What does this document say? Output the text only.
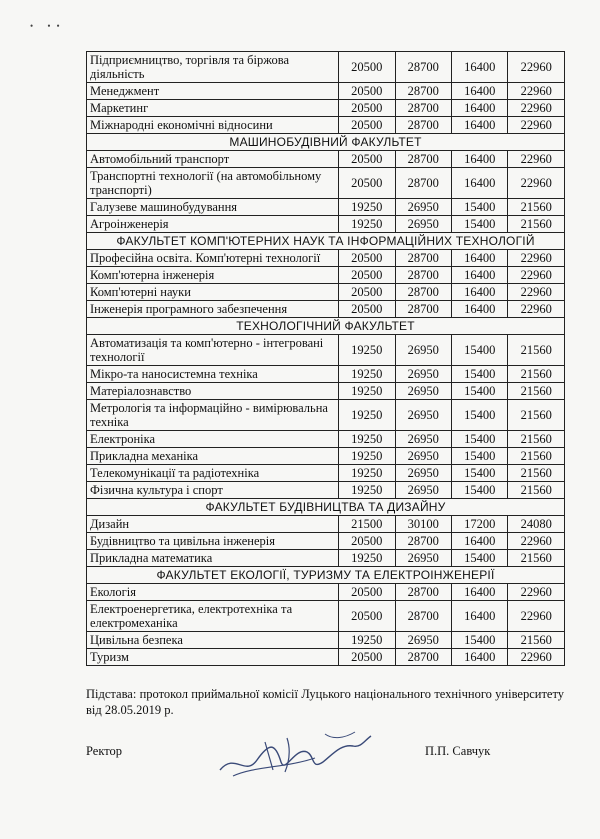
• ••
Підприємництво, торгівля та біржова діяльність	20500	28700	16400	22960
Менеджмент	20500	28700	16400	22960
Маркетинг	20500	28700	16400	22960
Міжнародні економічні відносини	20500	28700	16400	22960
МАШИНОБУДІВНИЙ ФАКУЛЬТЕТ				
Автомобільний транспорт	20500	28700	16400	22960
Транспортні технології (на автомобільному транспорті)	20500	28700	16400	22960
Галузеве машинобудування	19250	26950	15400	21560
Агроінженерія	19250	26950	15400	21560
ФАКУЛЬТЕТ КОМП'ЮТЕРНИХ НАУК ТА ІНФОРМАЦІЙНИХ ТЕХНОЛОГІЙ				
Професійна освіта. Комп'ютерні технології	20500	28700	16400	22960
Комп'ютерна інженерія	20500	28700	16400	22960
Комп'ютерні науки	20500	28700	16400	22960
Інженерія програмного забезпечення	20500	28700	16400	22960
ТЕХНОЛОГІЧНИЙ ФАКУЛЬТЕТ				
Автоматизація та комп'ютерно - інтегровані технології	19250	26950	15400	21560
Мікро-та наносистемна техніка	19250	26950	15400	21560
Матеріалознавство	19250	26950	15400	21560
Метрологія та інформаційно - вимірювальна техніка	19250	26950	15400	21560
Електроніка	19250	26950	15400	21560
Прикладна механіка	19250	26950	15400	21560
Телекомунікації та радіотехніка	19250	26950	15400	21560
Фізична культура і спорт	19250	26950	15400	21560
ФАКУЛЬТЕТ БУДІВНИЦТВА ТА ДИЗАЙНУ				
Дизайн	21500	30100	17200	24080
Будівництво та цивільна інженерія	20500	28700	16400	22960
Прикладна математика	19250	26950	15400	21560
ФАКУЛЬТЕТ ЕКОЛОГІЇ, ТУРИЗМУ ТА ЕЛЕКТРОІНЖЕНЕРІЇ				
Екологія	20500	28700	16400	22960
Електроенергетика, електротехніка та електромеханіка	20500	28700	16400	22960
Цивільна безпека	19250	26950	15400	21560
Туризм	20500	28700	16400	22960
Підстава: протокол приймальної комісії Луцького національного технічного університету від 28.05.2019 р.
Ректор	П.П. Савчук
